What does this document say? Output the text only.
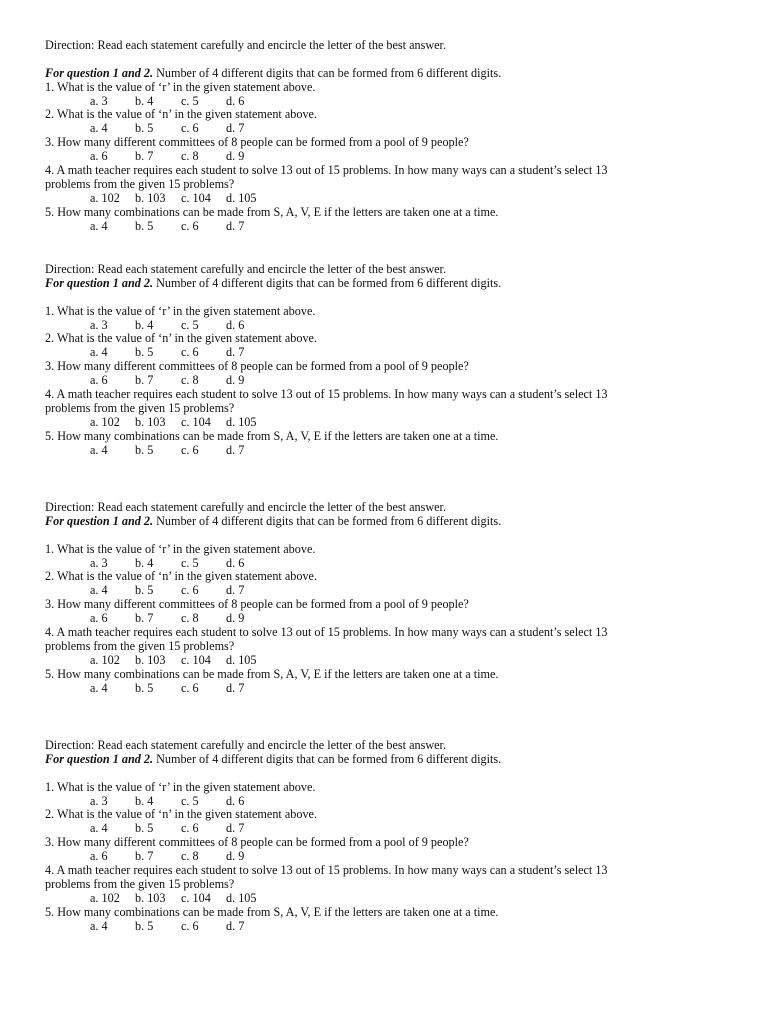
Direction: Read each statement carefully and encircle the letter of the best answer.
For question 1 and 2. Number of 4 different digits that can be formed from 6 different digits.
1. What is the value of ‘r’ in the given statement above.
a. 3 b. 4 c. 5 d. 6
2. What is the value of ‘n’ in the given statement above.
a. 4 b. 5 c. 6 d. 7
3. How many different committees of 8 people can be formed from a pool of 9 people?
a. 6 b. 7 c. 8 d. 9
4. A math teacher requires each student to solve 13 out of 15 problems. In how many ways can a student’s select 13
problems from the given 15 problems?
a. 102 b. 103 c. 104 d. 105
5. How many combinations can be made from S, A, V, E if the letters are taken one at a time.
a. 4 b. 5 c. 6 d. 7
Direction: Read each statement carefully and encircle the letter of the best answer.
For question 1 and 2. Number of 4 different digits that can be formed from 6 different digits.
1. What is the value of ‘r’ in the given statement above.
a. 3 b. 4 c. 5 d. 6
2. What is the value of ‘n’ in the given statement above.
a. 4 b. 5 c. 6 d. 7
3. How many different committees of 8 people can be formed from a pool of 9 people?
a. 6 b. 7 c. 8 d. 9
4. A math teacher requires each student to solve 13 out of 15 problems. In how many ways can a student’s select 13
problems from the given 15 problems?
a. 102 b. 103 c. 104 d. 105
5. How many combinations can be made from S, A, V, E if the letters are taken one at a time.
a. 4 b. 5 c. 6 d. 7
Direction: Read each statement carefully and encircle the letter of the best answer.
For question 1 and 2. Number of 4 different digits that can be formed from 6 different digits.
1. What is the value of ‘r’ in the given statement above.
a. 3 b. 4 c. 5 d. 6
2. What is the value of ‘n’ in the given statement above.
a. 4 b. 5 c. 6 d. 7
3. How many different committees of 8 people can be formed from a pool of 9 people?
a. 6 b. 7 c. 8 d. 9
4. A math teacher requires each student to solve 13 out of 15 problems. In how many ways can a student’s select 13
problems from the given 15 problems?
a. 102 b. 103 c. 104 d. 105
5. How many combinations can be made from S, A, V, E if the letters are taken one at a time.
a. 4 b. 5 c. 6 d. 7
Direction: Read each statement carefully and encircle the letter of the best answer.
For question 1 and 2. Number of 4 different digits that can be formed from 6 different digits.
1. What is the value of ‘r’ in the given statement above.
a. 3 b. 4 c. 5 d. 6
2. What is the value of ‘n’ in the given statement above.
a. 4 b. 5 c. 6 d. 7
3. How many different committees of 8 people can be formed from a pool of 9 people?
a. 6 b. 7 c. 8 d. 9
4. A math teacher requires each student to solve 13 out of 15 problems. In how many ways can a student’s select 13
problems from the given 15 problems?
a. 102 b. 103 c. 104 d. 105
5. How many combinations can be made from S, A, V, E if the letters are taken one at a time.
a. 4 b. 5 c. 6 d. 7
